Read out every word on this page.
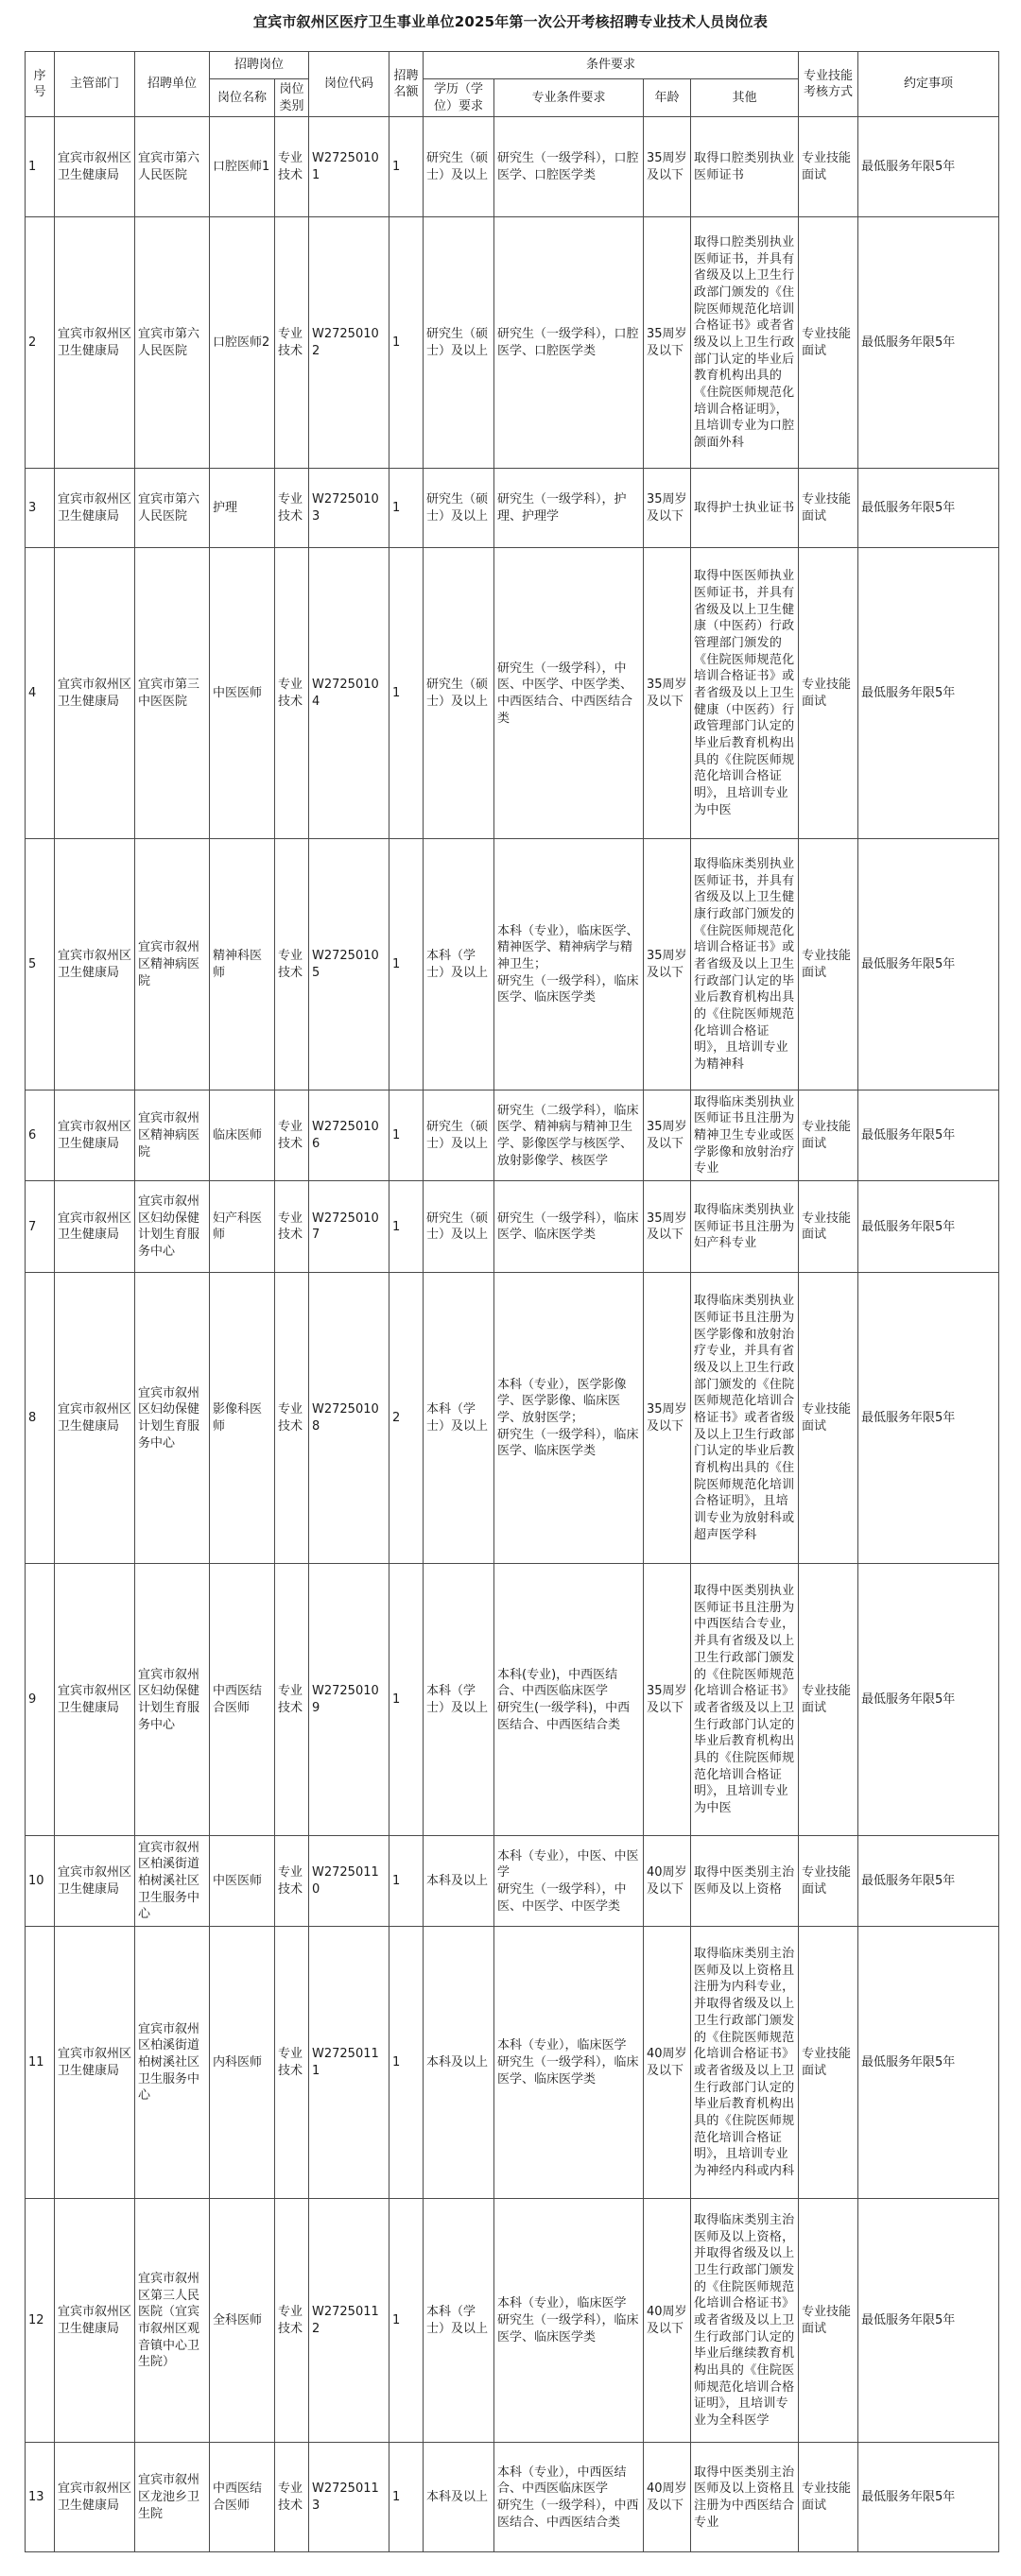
宜宾市叙州区医疗卫生事业单位2025年第一次公开考核招聘专业技术人员岗位表
序号	主管部门	招聘单位	招聘岗位		岗位代码	招聘名额	条件要求				专业技能考核方式	约定事项
			岗位名称	岗位类别			学历（学位）要求	专业条件要求	年龄	其他		
1	宜宾市叙州区卫生健康局	宜宾市第六人民医院	口腔医师1	专业技术	W27250101	1	研究生（硕士）及以上	研究生（一级学科），口腔医学、口腔医学类	35周岁及以下	取得口腔类别执业医师证书	专业技能面试	最低服务年限5年
2	宜宾市叙州区卫生健康局	宜宾市第六人民医院	口腔医师2	专业技术	W27250102	1	研究生（硕士）及以上	研究生（一级学科），口腔医学、口腔医学类	35周岁及以下	取得口腔类别执业医师证书，并具有省级及以上卫生行政部门颁发的《住院医师规范化培训合格证书》或者省级及以上卫生行政部门认定的毕业后教育机构出具的《住院医师规范化培训合格证明》，且培训专业为口腔颌面外科	专业技能面试	最低服务年限5年
3	宜宾市叙州区卫生健康局	宜宾市第六人民医院	护理	专业技术	W27250103	1	研究生（硕士）及以上	研究生（一级学科），护理、护理学	35周岁及以下	取得护士执业证书	专业技能面试	最低服务年限5年
4	宜宾市叙州区卫生健康局	宜宾市第三中医医院	中医医师	专业技术	W27250104	1	研究生（硕士）及以上	研究生（一级学科），中医、中医学、中医学类、中西医结合、中西医结合类	35周岁及以下	取得中医医师执业医师证书，并具有省级及以上卫生健康（中医药）行政管理部门颁发的《住院医师规范化培训合格证书》或者省级及以上卫生健康（中医药）行政管理部门认定的毕业后教育机构出具的《住院医师规范化培训合格证明》，且培训专业为中医	专业技能面试	最低服务年限5年
5	宜宾市叙州区卫生健康局	宜宾市叙州区精神病医院	精神科医师	专业技术	W27250105	1	本科（学士）及以上	本科（专业），临床医学、精神医学、精神病学与精神卫生；
研究生（一级学科），临床医学、临床医学类	35周岁及以下	取得临床类别执业医师证书，并具有省级及以上卫生健康行政部门颁发的《住院医师规范化培训合格证书》或者省级及以上卫生行政部门认定的毕业后教育机构出具的《住院医师规范化培训合格证明》，且培训专业为精神科	专业技能面试	最低服务年限5年
6	宜宾市叙州区卫生健康局	宜宾市叙州区精神病医院	临床医师	专业技术	W27250106	1	研究生（硕士）及以上	研究生（二级学科），临床医学、精神病与精神卫生学、影像医学与核医学、放射影像学、核医学	35周岁及以下	取得临床类别执业医师证书且注册为精神卫生专业或医学影像和放射治疗专业	专业技能面试	最低服务年限5年
7	宜宾市叙州区卫生健康局	宜宾市叙州区妇幼保健计划生育服务中心	妇产科医师	专业技术	W27250107	1	研究生（硕士）及以上	研究生（一级学科），临床医学、临床医学类	35周岁及以下	取得临床类别执业医师证书且注册为妇产科专业	专业技能面试	最低服务年限5年
8	宜宾市叙州区卫生健康局	宜宾市叙州区妇幼保健计划生育服务中心	影像科医师	专业技术	W27250108	2	本科（学士）及以上	本科（专业），医学影像学、医学影像、临床医学、放射医学；
研究生（一级学科），临床医学、临床医学类	35周岁及以下	取得临床类别执业医师证书且注册为医学影像和放射治疗专业，并具有省级及以上卫生行政部门颁发的《住院医师规范化培训合格证书》或者省级及以上卫生行政部门认定的毕业后教育机构出具的《住院医师规范化培训合格证明》，且培训专业为放射科或超声医学科	专业技能面试	最低服务年限5年
9	宜宾市叙州区卫生健康局	宜宾市叙州区妇幼保健计划生育服务中心	中西医结合医师	专业技术	W27250109	1	本科（学士）及以上	本科(专业)，中西医结合、中西医临床医学
研究生(一级学科)，中西医结合、中西医结合类	35周岁及以下	取得中医类别执业医师证书且注册为中西医结合专业，并具有省级及以上卫生行政部门颁发的《住院医师规范化培训合格证书》或者省级及以上卫生行政部门认定的毕业后教育机构出具的《住院医师规范化培训合格证明》，且培训专业为中医	专业技能面试	最低服务年限5年
10	宜宾市叙州区卫生健康局	宜宾市叙州区柏溪街道柏树溪社区卫生服务中心	中医医师	专业技术	W27250110	1	本科及以上	本科（专业），中医、中医学
研究生（一级学科），中医、中医学、中医学类	40周岁及以下	取得中医类别主治医师及以上资格	专业技能面试	最低服务年限5年
11	宜宾市叙州区卫生健康局	宜宾市叙州区柏溪街道柏树溪社区卫生服务中心	内科医师	专业技术	W27250111	1	本科及以上	本科（专业），临床医学
研究生（一级学科），临床医学、临床医学类	40周岁及以下	取得临床类别主治医师及以上资格且注册为内科专业，并取得省级及以上卫生行政部门颁发的《住院医师规范化培训合格证书》或者省级及以上卫生行政部门认定的毕业后教育机构出具的《住院医师规范化培训合格证明》，且培训专业为神经内科或内科	专业技能面试	最低服务年限5年
12	宜宾市叙州区卫生健康局	宜宾市叙州区第三人民医院（宜宾市叙州区观音镇中心卫生院）	全科医师	专业技术	W27250112	1	本科（学士）及以上	本科（专业），临床医学
研究生（一级学科），临床医学、临床医学类	40周岁及以下	取得临床类别主治医师及以上资格，并取得省级及以上卫生行政部门颁发的《住院医师规范化培训合格证书》或者省级及以上卫生行政部门认定的毕业后继续教育机构出具的《住院医师规范化培训合格证明》，且培训专业为全科医学	专业技能面试	最低服务年限5年
13	宜宾市叙州区卫生健康局	宜宾市叙州区龙池乡卫生院	中西医结合医师	专业技术	W27250113	1	本科及以上	本科（专业），中西医结合、中西医临床医学
研究生（一级学科），中西医结合、中西医结合类	40周岁及以下	取得中医类别主治医师及以上资格且注册为中西医结合专业	专业技能面试	最低服务年限5年
